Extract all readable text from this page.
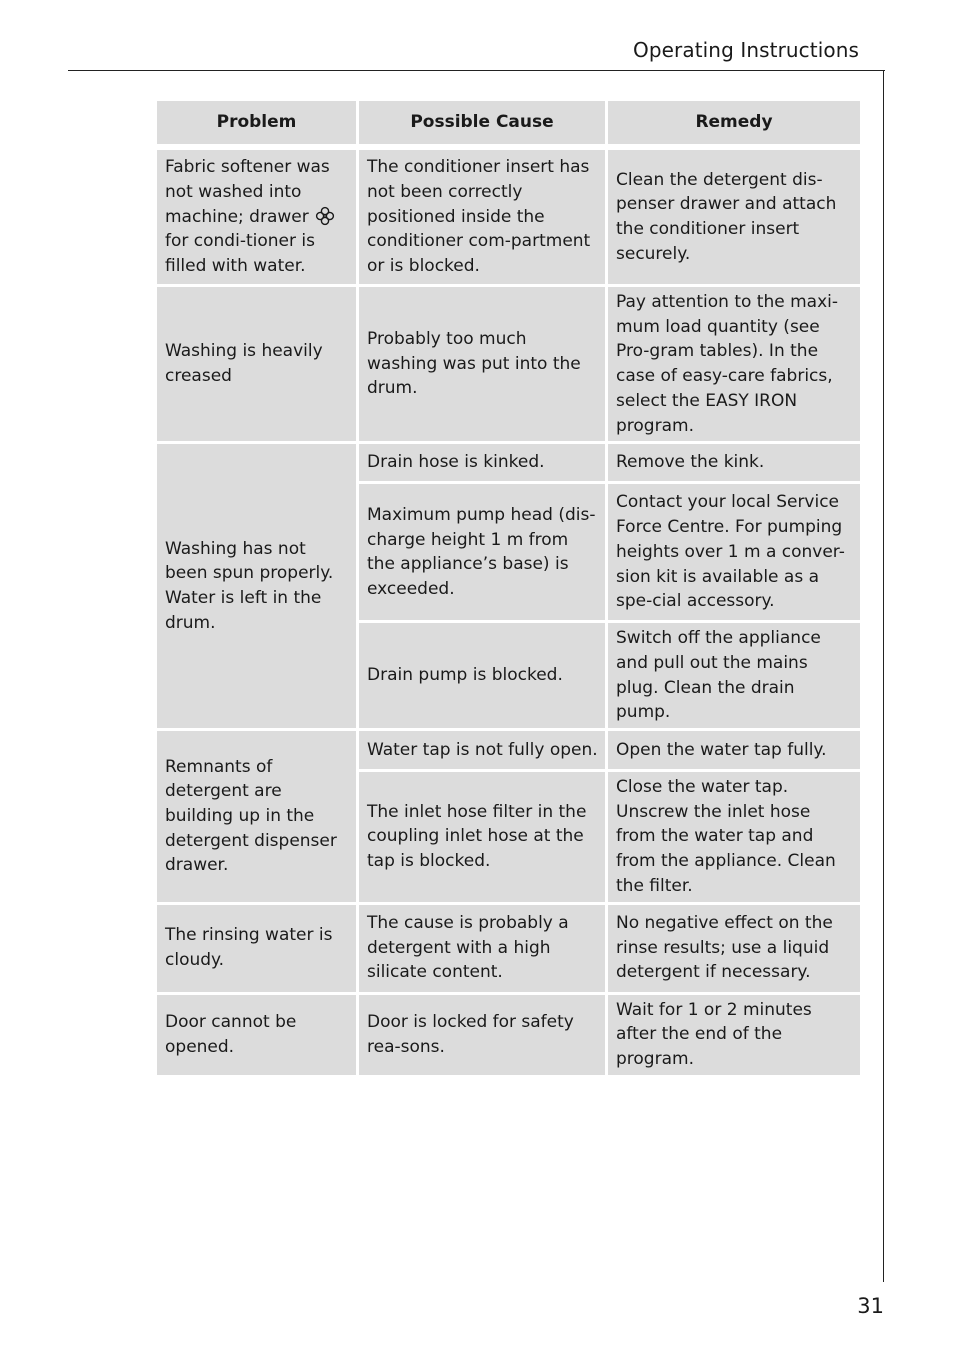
Operating Instructions
Problem	Possible Cause	Remedy
Fabric softener was not washed into machine; drawer  for condi-tioner is filled with water.	The conditioner insert has not been correctly positioned inside the conditioner com-partment or is blocked.	Clean the detergent dis-penser drawer and attach the conditioner insert securely.
Washing is heavily creased	Probably too much washing was put into the drum.	Pay attention to the maxi-mum load quantity (see Pro-gram tables). In the case of easy-care fabrics, select the EASY IRON program.
Washing has not been spun properly. Water is left in the drum.	Drain hose is kinked.	Remove the kink.
	Maximum pump head (dis-charge height 1 m from the appliance’s base) is exceeded.	Contact your local Service Force Centre. For pumping heights over 1 m a conver-sion kit is available as a spe-cial accessory.
	Drain pump is blocked.	Switch off the appliance and pull out the mains plug. Clean the drain pump.
Remnants of detergent are building up in the detergent dispenser drawer.	Water tap is not fully open.	Open the water tap fully.
	The inlet hose filter in the coupling inlet hose at the tap is blocked.	Close the water tap. Unscrew the inlet hose from the water tap and from the appliance. Clean the filter.
The rinsing water is cloudy.	The cause is probably a detergent with a high silicate content.	No negative effect on the rinse results; use a liquid detergent if necessary.
Door cannot be opened.	Door is locked for safety rea-sons.	Wait for 1 or 2 minutes after the end of the program.
31
